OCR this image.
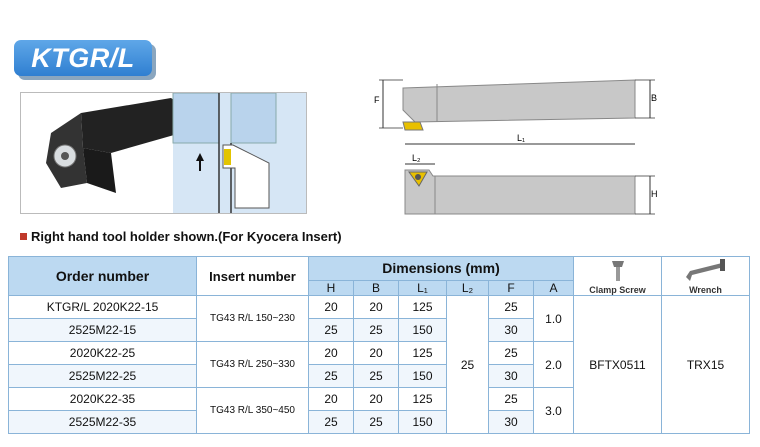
KTGR/L
F	B
L₁
L₂
H
Right hand tool holder shown.(For Kyocera Insert)
Order number	Insert number	Dimensions (mm)						Clamp Screw	Wrench
		H	B	L₁	L₂	F	A		
KTGR/L 2020K22-15	TG43 R/L 150~230	20	20	125	25	25	1.0	BFTX0511	TRX15
2525M22-15		25	25	150		30			
2020K22-25	TG43 R/L 250~330	20	20	125		25	2.0		
2525M22-25		25	25	150		30			
2020K22-35	TG43 R/L 350~450	20	20	125		25	3.0		
2525M22-35		25	25	150		30			
